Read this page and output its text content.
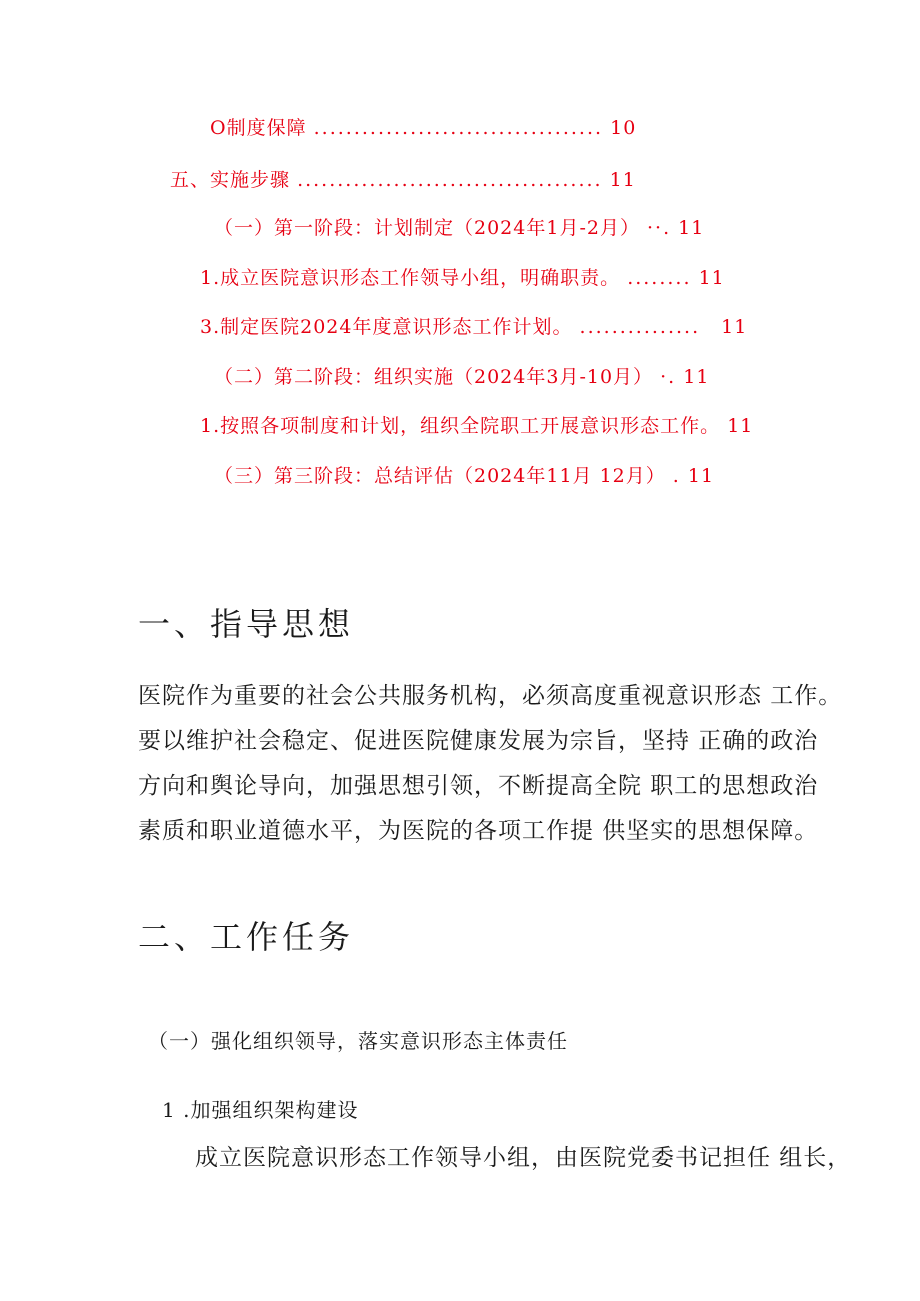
O制度保障 .................................... 10
五、实施步骤 ...................................... 11
（一）第一阶段：计划制定（2024年1月-2月） ··. 11
1.成立医院意识形态工作领导小组，明确职责。 ........ 11
3.制定医院2024年度意识形态工作计划。 ............... 11
（二）第二阶段：组织实施（2024年3月-10月） ·. 11
1.按照各项制度和计划，组织全院职工开展意识形态工作。 11
（三）第三阶段：总结评估（2024年11月 12月） . 11
一、指导思想
医院作为重要的社会公共服务机构，必须高度重视意识形态 工作。
要以维护社会稳定、促进医院健康发展为宗旨，坚持 正确的政治
方向和舆论导向，加强思想引领，不断提高全院 职工的思想政治
素质和职业道德水平，为医院的各项工作提 供坚实的思想保障。
二、工作任务
（一）强化组织领导，落实意识形态主体责任
1 .加强组织架构建设
成立医院意识形态工作领导小组，由医院党委书记担任 组长，
